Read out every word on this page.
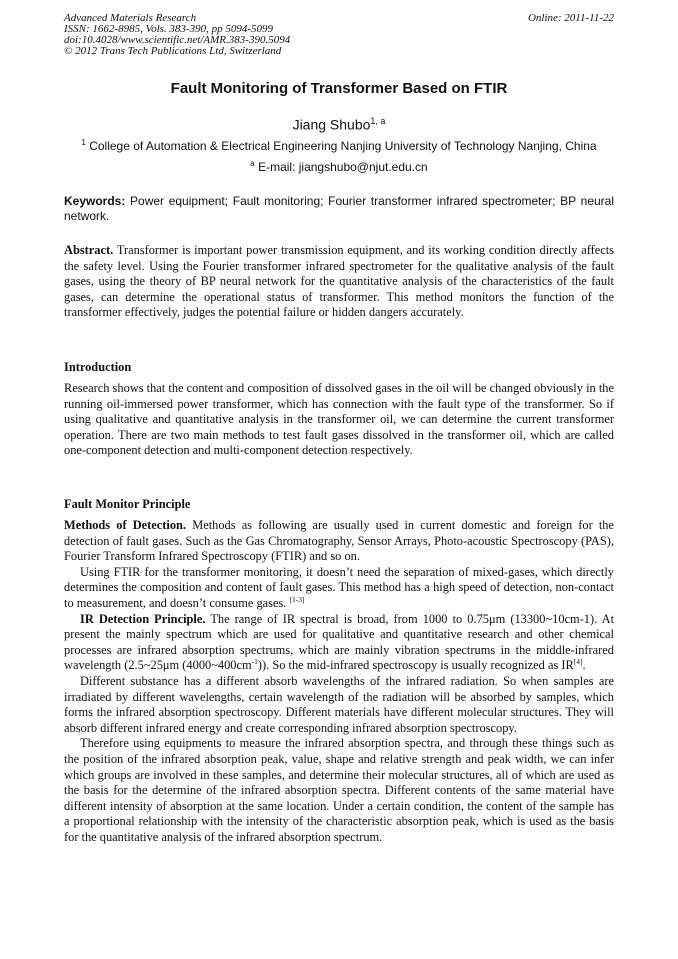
Advanced Materials Research
ISSN: 1662-8985, Vols. 383-390, pp 5094-5099
doi:10.4028/www.scientific.net/AMR.383-390.5094
© 2012 Trans Tech Publications Ltd, Switzerland
Online: 2011-11-22
Fault Monitoring of Transformer Based on FTIR
Jiang Shubo$^{1, a}$
$^1$ College of Automation & Electrical Engineering Nanjing University of Technology Nanjing, China
$^a$ E-mail: jiangshubo@njut.edu.cn
Keywords: Power equipment; Fault monitoring; Fourier transformer infrared spectrometer; BP neural network.

Abstract. Transformer is important power transmission equipment, and its working condition directly affects the safety level. Using the Fourier transformer infrared spectrometer for the qualitative analysis of the fault gases, using the theory of BP neural network for the quantitative analysis of the characteristics of the fault gases, can determine the operational status of transformer. This method monitors the function of the transformer effectively, judges the potential failure or hidden dangers accurately.

Introduction

Research shows that the content and composition of dissolved gases in the oil will be changed obviously in the running oil-immersed power transformer, which has connection with the fault type of the transformer. So if using qualitative and quantitative analysis in the transformer oil, we can determine the current transformer operation. There are two main methods to test fault gases dissolved in the transformer oil, which are called one-component detection and multi-component detection respectively.

Fault Monitor Principle

Methods of Detection. Methods as following are usually used in current domestic and foreign for the detection of fault gases. Such as the Gas Chromatography, Sensor Arrays, Photo-acoustic Spectroscopy (PAS), Fourier Transform Infrared Spectroscopy (FTIR) and so on.

Using FTIR for the transformer monitoring, it doesn’t need the separation of mixed-gases, which directly determines the composition and content of fault gases. This method has a high speed of detection, non-contact to measurement, and doesn’t consume gases. [1-3]

IR Detection Principle. The range of IR spectral is broad, from 1000 to 0.75μm (13300~10cm-1). At present the mainly spectrum which are used for qualitative and quantitative research and other chemical processes are infrared absorption spectrums, which are mainly vibration spectrums in the middle-infrared wavelength (2.5~25μm $(4000\sim 400cm^{-1})$). So the mid-infrared spectroscopy is usually recognized as IR[4].

Different substance has a different absorb wavelengths of the infrared radiation. So when samples are irradiated by different wavelengths, certain wavelength of the radiation will be absorbed by samples, which forms the infrared absorption spectroscopy. Different materials have different molecular structures. They will absorb different infrared energy and create corresponding infrared absorption spectroscopy.

Therefore using equipments to measure the infrared absorption spectra, and through these things such as the position of the infrared absorption peak, value, shape and relative strength and peak width, we can infer which groups are involved in these samples, and determine their molecular structures, all of which are used as the basis for the determine of the infrared absorption spectra. Different contents of the same material have different intensity of absorption at the same location. Under a certain condition, the content of the sample has a proportional relationship with the intensity of the characteristic absorption peak, which is used as the basis for the quantitative analysis of the infrared absorption spectrum.
